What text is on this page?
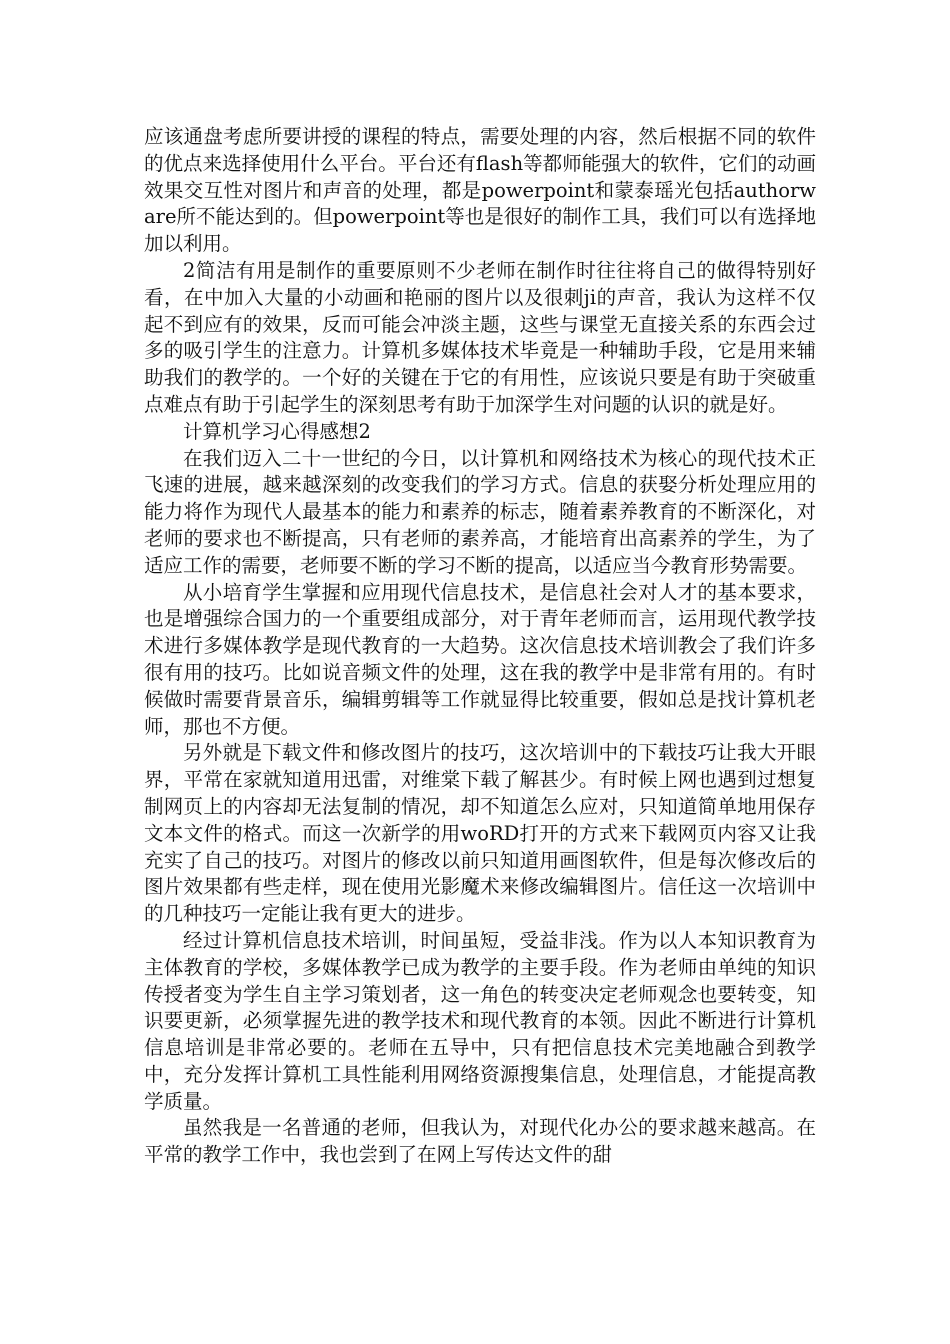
应该通盘考虑所要讲授的课程的特点，需要处理的内容，然后根据不同的软件的优点来选择使用什么平台。平台还有flash等都师能强大的软件，它们的动画效果交互性对图片和声音的处理，都是powerpoint和蒙泰瑶光包括authorware所不能达到的。但powerpoint等也是很好的制作工具，我们可以有选择地加以利用。

2简洁有用是制作的重要原则不少老师在制作时往往将自己的做得特别好看，在中加入大量的小动画和艳丽的图片以及很刺ji的声音，我认为这样不仅起不到应有的效果，反而可能会冲淡主题，这些与课堂无直接关系的东西会过多的吸引学生的注意力。计算机多媒体技术毕竟是一种辅助手段，它是用来辅助我们的教学的。一个好的关键在于它的有用性，应该说只要是有助于突破重点难点有助于引起学生的深刻思考有助于加深学生对问题的认识的就是好。

计算机学习心得感想2

在我们迈入二十一世纪的今日，以计算机和网络技术为核心的现代技术正飞速的进展，越来越深刻的改变我们的学习方式。信息的获娶分析处理应用的能力将作为现代人最基本的能力和素养的标志，随着素养教育的不断深化，对老师的要求也不断提高，只有老师的素养高，才能培育出高素养的学生，为了适应工作的需要，老师要不断的学习不断的提高，以适应当今教育形势需要。

从小培育学生掌握和应用现代信息技术，是信息社会对人才的基本要求，也是增强综合国力的一个重要组成部分，对于青年老师而言，运用现代教学技术进行多媒体教学是现代教育的一大趋势。这次信息技术培训教会了我们许多很有用的技巧。比如说音频文件的处理，这在我的教学中是非常有用的。有时候做时需要背景音乐，编辑剪辑等工作就显得比较重要，假如总是找计算机老师，那也不方便。

另外就是下载文件和修改图片的技巧，这次培训中的下载技巧让我大开眼界，平常在家就知道用迅雷，对维棠下载了解甚少。有时候上网也遇到过想复制网页上的内容却无法复制的情况，却不知道怎么应对，只知道简单地用保存文本文件的格式。而这一次新学的用woRD打开的方式来下载网页内容又让我充实了自己的技巧。对图片的修改以前只知道用画图软件，但是每次修改后的图片效果都有些走样，现在使用光影魔术来修改编辑图片。信任这一次培训中的几种技巧一定能让我有更大的进步。

经过计算机信息技术培训，时间虽短，受益非浅。作为以人本知识教育为主体教育的学校，多媒体教学已成为教学的主要手段。作为老师由单纯的知识传授者变为学生自主学习策划者，这一角色的转变决定老师观念也要转变，知识要更新，必须掌握先进的教学技术和现代教育的本领。因此不断进行计算机信息培训是非常必要的。老师在五导中，只有把信息技术完美地融合到教学中，充分发挥计算机工具性能利用网络资源搜集信息，处理信息，才能提高教学质量。

虽然我是一名普通的老师，但我认为，对现代化办公的要求越来越高。在平常的教学工作中，我也尝到了在网上写传达文件的甜
